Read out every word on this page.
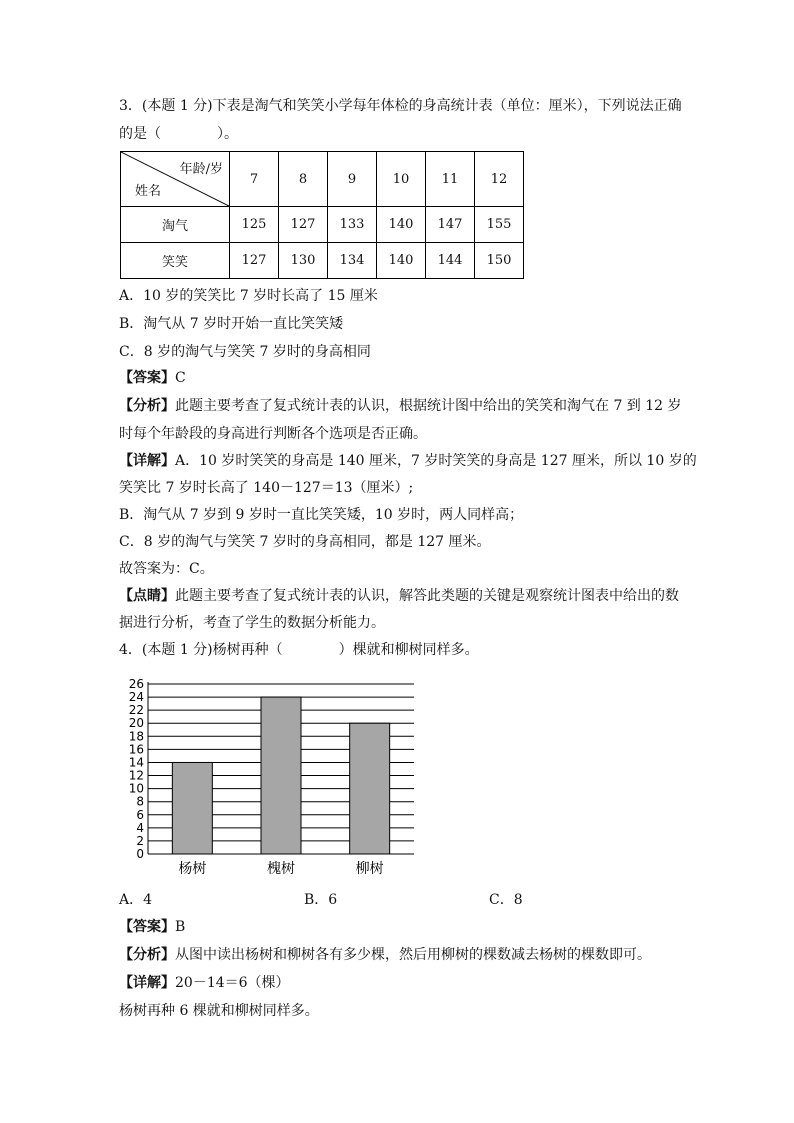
3．(本题 1 分)下表是淘气和笑笑小学每年体检的身高统计表（单位：厘米），下列说法正确
的是（　　　　）。
年龄/岁
姓名	7	8	9	10	11	12
淘气	125	127	133	140	147	155
笑笑	127	130	134	140	144	150
A．10 岁的笑笑比 7 岁时长高了 15 厘米
B．淘气从 7 岁时开始一直比笑笑矮
C．8 岁的淘气与笑笑 7 岁时的身高相同
【答案】C
【分析】此题主要考查了复式统计表的认识，根据统计图中给出的笑笑和淘气在 7 到 12 岁
时每个年龄段的身高进行判断各个选项是否正确。
【详解】A．10 岁时笑笑的身高是 140 厘米，7 岁时笑笑的身高是 127 厘米，所以 10 岁的
笑笑比 7 岁时长高了 140－127＝13（厘米）;
B．淘气从 7 岁到 9 岁时一直比笑笑矮，10 岁时，两人同样高；
C．8 岁的淘气与笑笑 7 岁时的身高相同，都是 127 厘米。
故答案为：C。
【点睛】此题主要考查了复式统计表的认识，解答此类题的关键是观察统计图表中给出的数
据进行分析，考查了学生的数据分析能力。
4．(本题 1 分)杨树再种（　　　　）棵就和柳树同样多。
0
2
4
6
8
10
12
14
16
18
20
22
24
26
杨树	槐树	柳树
A．4	B．6	C．8
【答案】B
【分析】从图中读出杨树和柳树各有多少棵，然后用柳树的棵数减去杨树的棵数即可。
【详解】20－14＝6（棵）
杨树再种 6 棵就和柳树同样多。
